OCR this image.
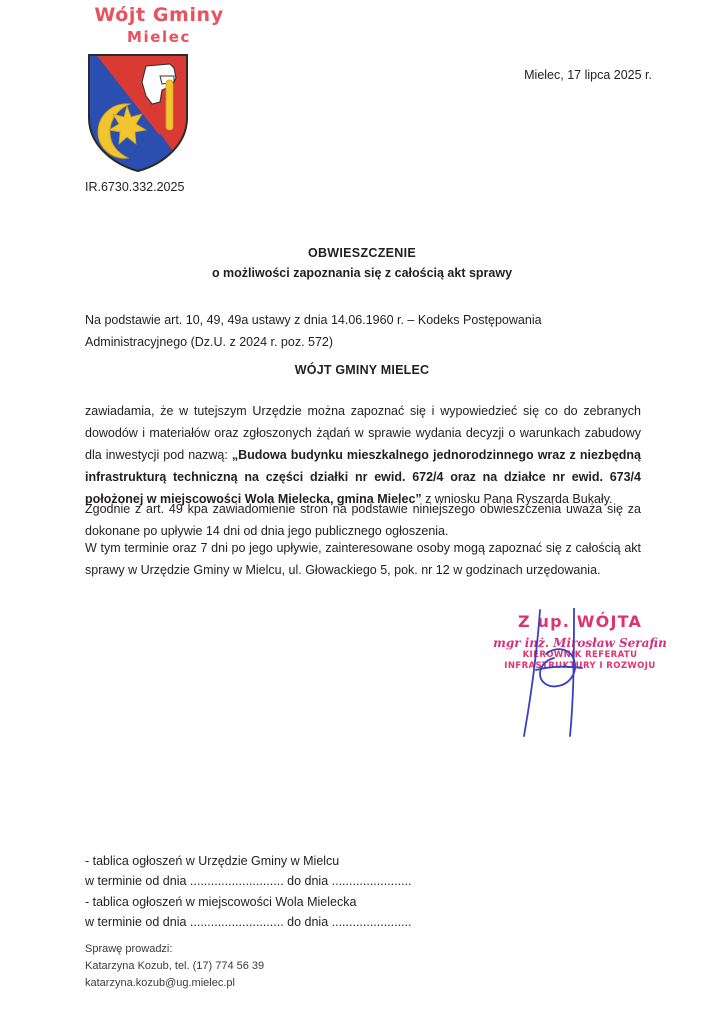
Wójt Gminy
Mielec
Mielec, 17 lipca 2025 r.
IR.6730.332.2025
OBWIESZCZENIE
o możliwości zapoznania się z całością akt sprawy
Na podstawie art. 10, 49, 49a ustawy z dnia 14.06.1960 r. – Kodeks Postępowania Administracyjnego (Dz.U. z 2024 r. poz. 572)
WÓJT GMINY MIELEC
zawiadamia, że w tutejszym Urzędzie można zapoznać się i wypowiedzieć się co do zebranych dowodów i materiałów oraz zgłoszonych żądań w sprawie wydania decyzji o warunkach zabudowy dla inwestycji pod nazwą: „Budowa budynku mieszkalnego jednorodzinnego wraz z niezbędną infrastrukturą techniczną na części działki nr ewid. 672/4 oraz na działce nr ewid. 673/4 położonej w miejscowości Wola Mielecka, gmina Mielec” z wniosku Pana Ryszarda Bukały.
Zgodnie z art. 49 kpa zawiadomienie stron na podstawie niniejszego obwieszczenia uważa się za dokonane po upływie 14 dni od dnia jego publicznego ogłoszenia.
W tym terminie oraz 7 dni po jego upływie, zainteresowane osoby mogą zapoznać się z całością akt sprawy w Urzędzie Gminy w Mielcu, ul. Głowackiego 5, pok. nr 12 w godzinach urzędowania.
Z up. WÓJTA
mgr inż. Mirosław Serafin
KIEROWNIK REFERATU
INFRASTRUKTURY I ROZWOJU
- tablica ogłoszeń w Urzędzie Gminy w Mielcu
w terminie od dnia ........................... do dnia .......................
- tablica ogłoszeń w miejscowości Wola Mielecka
w terminie od dnia ........................... do dnia .......................
Sprawę prowadzi:
Katarzyna Kozub, tel. (17) 774 56 39
katarzyna.kozub@ug.mielec.pl
